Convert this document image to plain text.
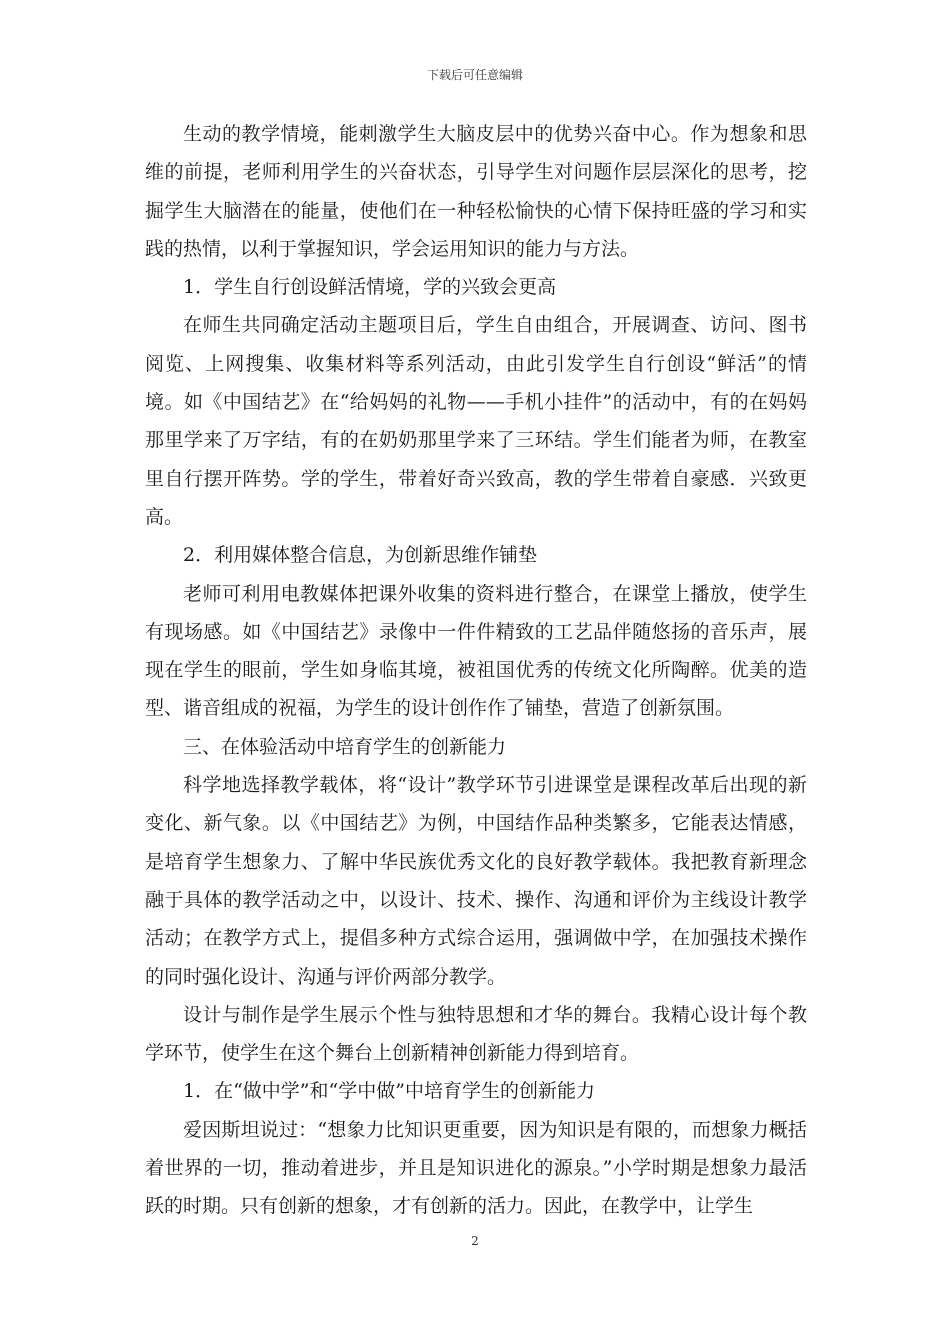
下载后可任意编辑

生动的教学情境，能刺激学生大脑皮层中的优势兴奋中心。作为想象和思维的前提，老师利用学生的兴奋状态，引导学生对问题作层层深化的思考，挖掘学生大脑潜在的能量，使他们在一种轻松愉快的心情下保持旺盛的学习和实践的热情，以利于掌握知识，学会运用知识的能力与方法。

1．学生自行创设鲜活情境，学的兴致会更高

在师生共同确定活动主题项目后，学生自由组合，开展调查、访问、图书阅览、上网搜集、收集材料等系列活动，由此引发学生自行创设“鲜活”的情境。如《中国结艺》在“给妈妈的礼物——手机小挂件”的活动中，有的在妈妈那里学来了万字结，有的在奶奶那里学来了三环结。学生们能者为师，在教室里自行摆开阵势。学的学生，带着好奇兴致高，教的学生带着自豪感．兴致更高。

2．利用媒体整合信息，为创新思维作铺垫

老师可利用电教媒体把课外收集的资料进行整合，在课堂上播放，使学生有现场感。如《中国结艺》录像中一件件精致的工艺品伴随悠扬的音乐声，展现在学生的眼前，学生如身临其境，被祖国优秀的传统文化所陶醉。优美的造型、谐音组成的祝福，为学生的设计创作作了铺垫，营造了创新氛围。

三、在体验活动中培育学生的创新能力

科学地选择教学载体，将“设计”教学环节引进课堂是课程改革后出现的新变化、新气象。以《中国结艺》为例，中国结作品种类繁多，它能表达情感，是培育学生想象力、了解中华民族优秀文化的良好教学载体。我把教育新理念融于具体的教学活动之中，以设计、技术、操作、沟通和评价为主线设计教学活动；在教学方式上，提倡多种方式综合运用，强调做中学，在加强技术操作的同时强化设计、沟通与评价两部分教学。

设计与制作是学生展示个性与独特思想和才华的舞台。我精心设计每个教学环节，使学生在这个舞台上创新精神创新能力得到培育。

1．在“做中学”和“学中做”中培育学生的创新能力

爱因斯坦说过：“想象力比知识更重要，因为知识是有限的，而想象力概括着世界的一切，推动着进步，并且是知识进化的源泉。”小学时期是想象力最活跃的时期。只有创新的想象，才有创新的活力。因此，在教学中，让学生

2
